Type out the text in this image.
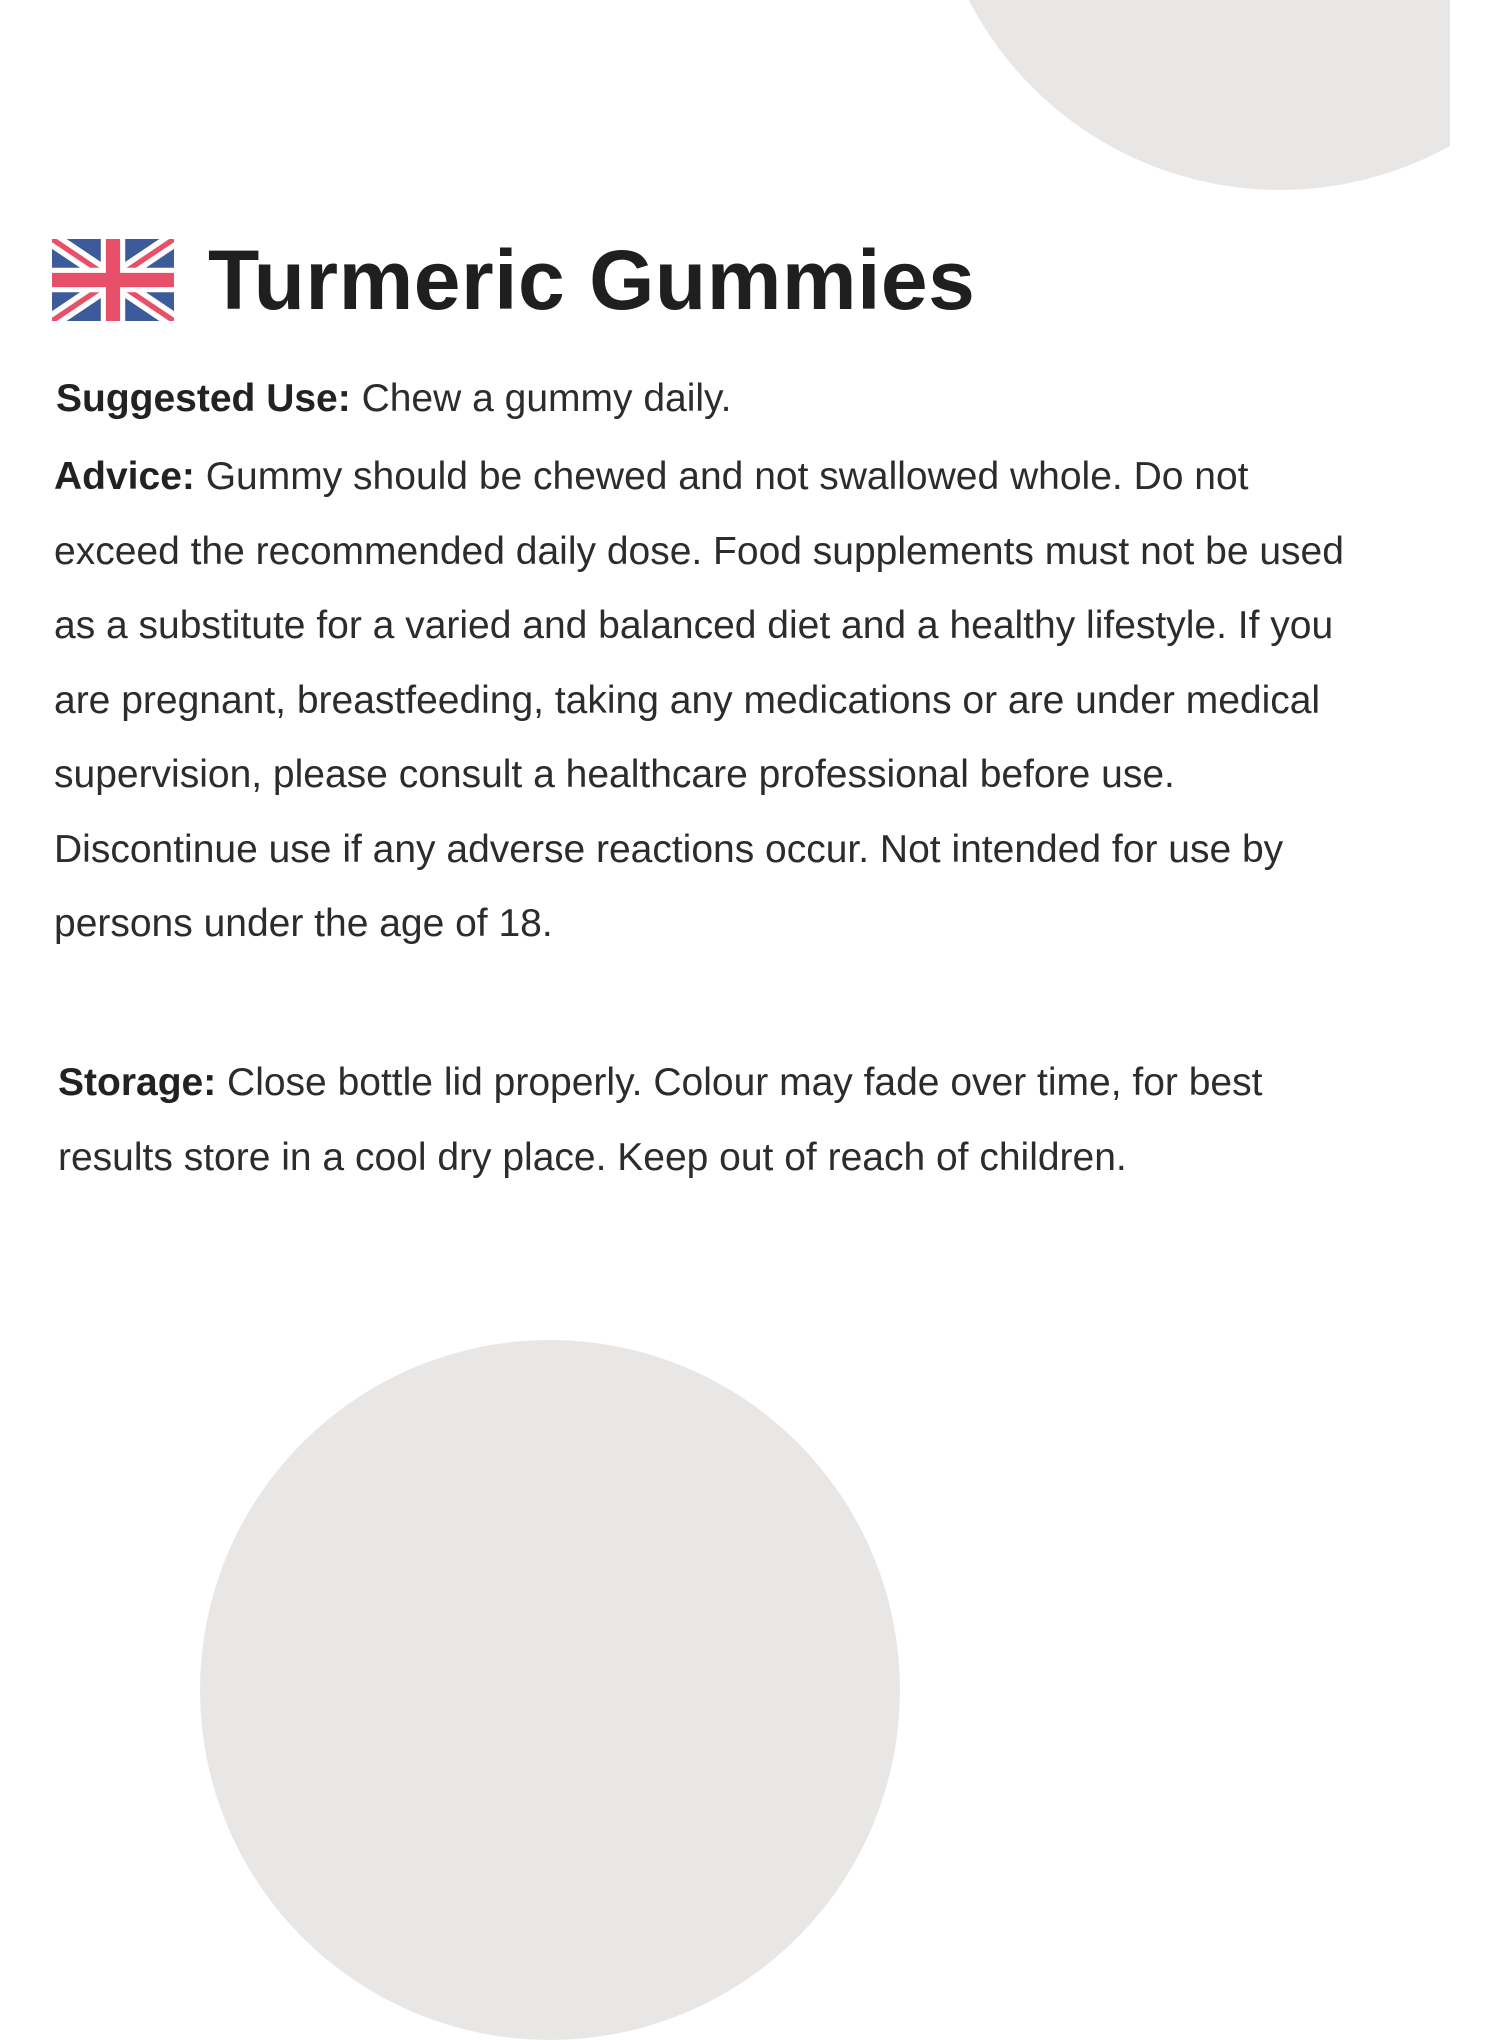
Turmeric Gummies

Suggested Use: Chew a gummy daily.

Advice: Gummy should be chewed and not swallowed whole. Do not exceed the recommended daily dose. Food supplements must not be used as a substitute for a varied and balanced diet and a healthy lifestyle. If you are pregnant, breastfeeding, taking any medications or are under medical supervision, please consult a healthcare professional before use. Discontinue use if any adverse reactions occur. Not intended for use by persons under the age of 18.

Storage: Close bottle lid properly. Colour may fade over time, for best results store in a cool dry place. Keep out of reach of children.
